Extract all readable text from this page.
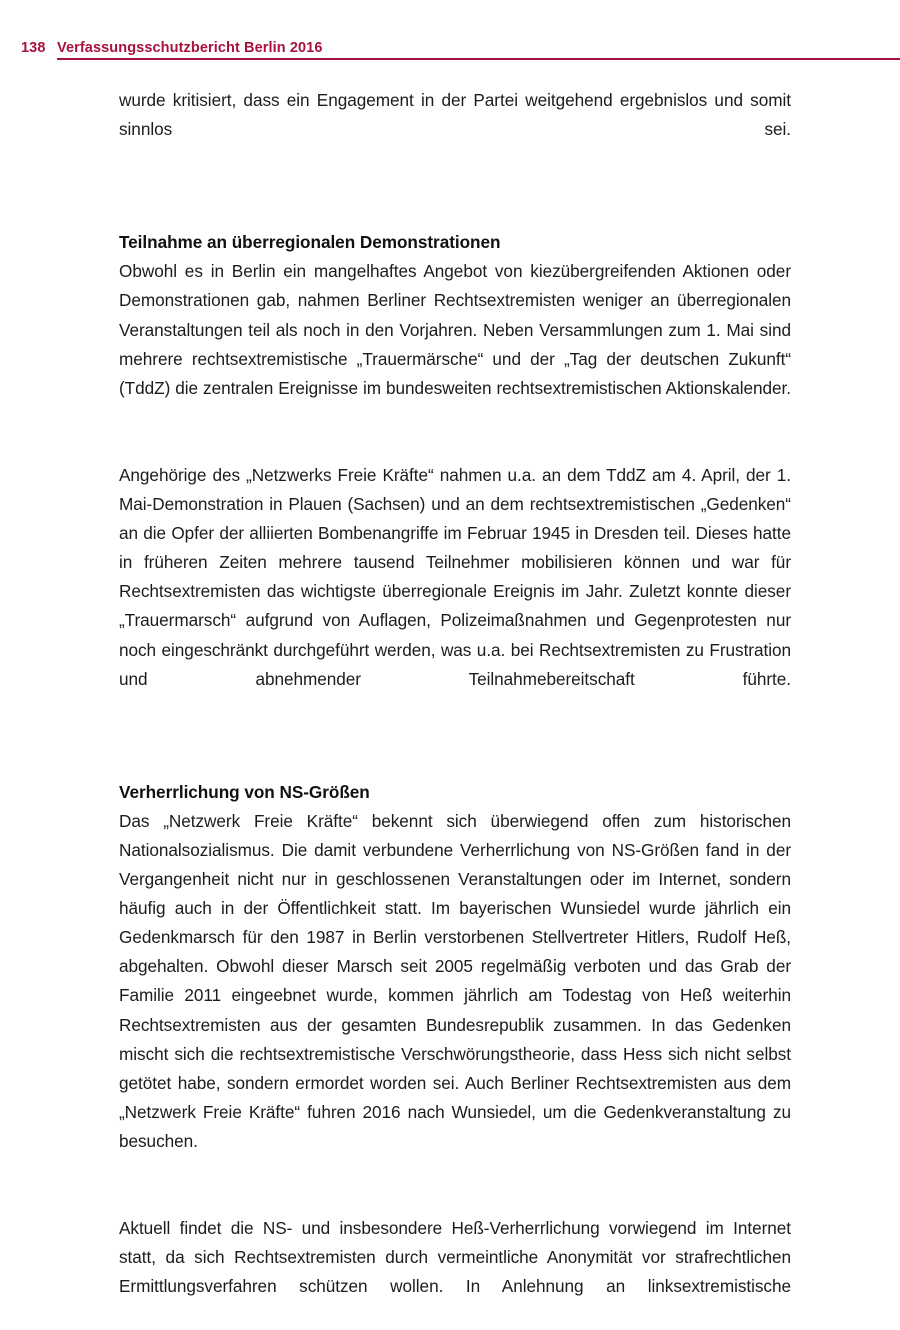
138 Verfassungsschutzbericht Berlin 2016

wurde kritisiert, dass ein Engagement in der Partei weitgehend ergebnislos und somit sinnlos sei.

Teilnahme an überregionalen Demonstrationen

Obwohl es in Berlin ein mangelhaftes Angebot von kiezübergreifenden Aktionen oder Demonstrationen gab, nahmen Berliner Rechtsextremisten weniger an überregionalen Veranstaltungen teil als noch in den Vorjahren. Neben Versammlungen zum 1. Mai sind mehrere rechtsextremistische „Trauermärsche“ und der „Tag der deutschen Zukunft“ (TddZ) die zentralen Ereignisse im bundesweiten rechtsextremistischen Aktionskalender.

Angehörige des „Netzwerks Freie Kräfte“ nahmen u.a. an dem TddZ am 4. April, der 1. Mai-Demonstration in Plauen (Sachsen) und an dem rechtsextremistischen „Gedenken“ an die Opfer der alliierten Bombenangriffe im Februar 1945 in Dresden teil. Dieses hatte in früheren Zeiten mehrere tausend Teilnehmer mobilisieren können und war für Rechtsextremisten das wichtigste überregionale Ereignis im Jahr. Zuletzt konnte dieser „Trauermarsch“ aufgrund von Auflagen, Polizeimaßnahmen und Gegenprotesten nur noch eingeschränkt durchgeführt werden, was u.a. bei Rechtsextremisten zu Frustration und abnehmender Teilnahmebereitschaft führte.

Verherrlichung von NS-Größen

Das „Netzwerk Freie Kräfte“ bekennt sich überwiegend offen zum historischen Nationalsozialismus. Die damit verbundene Verherrlichung von NS-Größen fand in der Vergangenheit nicht nur in geschlossenen Veranstaltungen oder im Internet, sondern häufig auch in der Öffentlichkeit statt. Im bayerischen Wunsiedel wurde jährlich ein Gedenkmarsch für den 1987 in Berlin verstorbenen Stellvertreter Hitlers, Rudolf Heß, abgehalten. Obwohl dieser Marsch seit 2005 regelmäßig verboten und das Grab der Familie 2011 eingeebnet wurde, kommen jährlich am Todestag von Heß weiterhin Rechtsextremisten aus der gesamten Bundesrepublik zusammen. In das Gedenken mischt sich die rechtsextremistische Verschwörungstheorie, dass Hess sich nicht selbst getötet habe, sondern ermordet worden sei. Auch Berliner Rechtsextremisten aus dem „Netzwerk Freie Kräfte“ fuhren 2016 nach Wunsiedel, um die Gedenkveranstaltung zu besuchen.

Aktuell findet die NS- und insbesondere Heß-Verherrlichung vorwiegend im Internet statt, da sich Rechtsextremisten durch vermeintliche Anonymität vor strafrechtlichen Ermittlungsverfahren schützen wollen. In Anlehnung an linksextremistische
